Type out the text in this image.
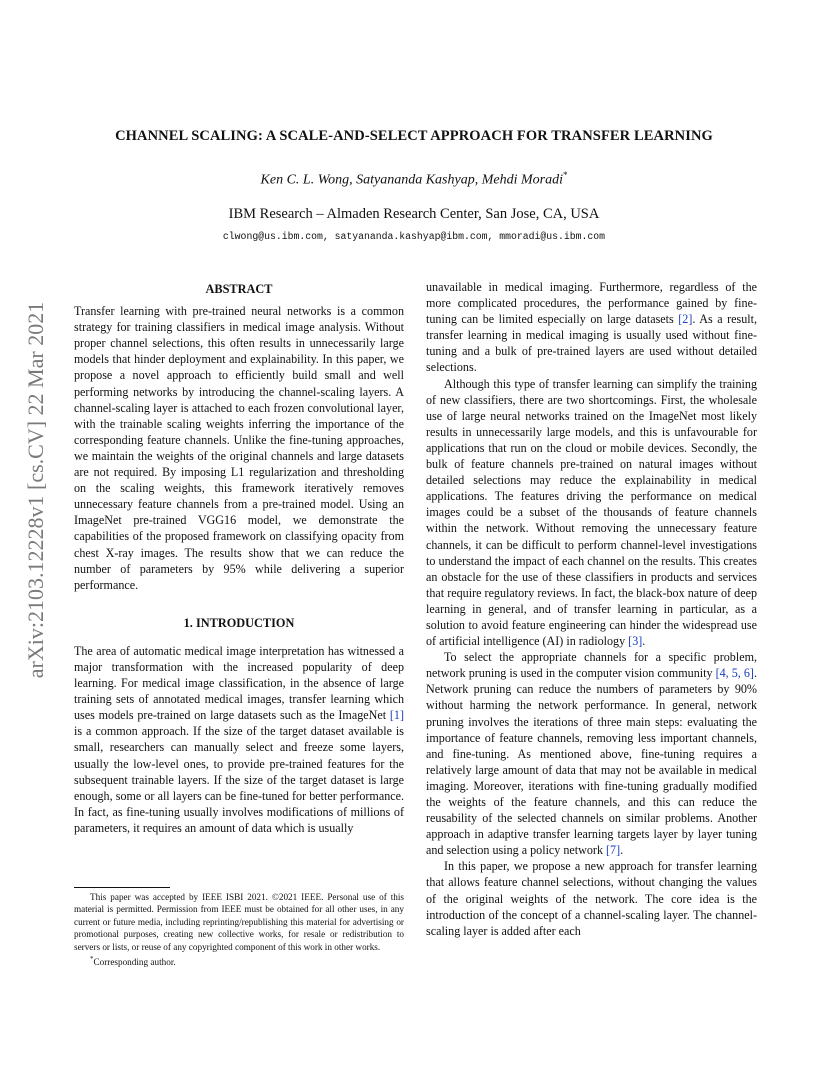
arXiv:2103.12228v1 [cs.CV] 22 Mar 2021
CHANNEL SCALING: A SCALE-AND-SELECT APPROACH FOR TRANSFER LEARNING
Ken C. L. Wong, Satyananda Kashyap, Mehdi Moradi*
IBM Research – Almaden Research Center, San Jose, CA, USA
clwong@us.ibm.com, satyananda.kashyap@ibm.com, mmoradi@us.ibm.com
ABSTRACT

Transfer learning with pre-trained neural networks is a common strategy for training classifiers in medical image analysis. Without proper channel selections, this often results in unnecessarily large models that hinder deployment and explainability. In this paper, we propose a novel approach to efficiently build small and well performing networks by introducing the channel-scaling layers. A channel-scaling layer is attached to each frozen convolutional layer, with the trainable scaling weights inferring the importance of the corresponding feature channels. Unlike the fine-tuning approaches, we maintain the weights of the original channels and large datasets are not required. By imposing L1 regularization and thresholding on the scaling weights, this framework iteratively removes unnecessary feature channels from a pre-trained model. Using an ImageNet pre-trained VGG16 model, we demonstrate the capabilities of the proposed framework on classifying opacity from chest X-ray images. The results show that we can reduce the number of parameters by 95% while delivering a superior performance.

1. INTRODUCTION

The area of automatic medical image interpretation has witnessed a major transformation with the increased popularity of deep learning. For medical image classification, in the absence of large training sets of annotated medical images, transfer learning which uses models pre-trained on large datasets such as the ImageNet [1] is a common approach. If the size of the target dataset available is small, researchers can manually select and freeze some layers, usually the low-level ones, to provide pre-trained features for the subsequent trainable layers. If the size of the target dataset is large enough, some or all layers can be fine-tuned for better performance. In fact, as fine-tuning usually involves modifications of millions of parameters, it requires an amount of data which is usually

unavailable in medical imaging. Furthermore, regardless of the more complicated procedures, the performance gained by fine-tuning can be limited especially on large datasets [2]. As a result, transfer learning in medical imaging is usually used without fine-tuning and a bulk of pre-trained layers are used without detailed selections.

Although this type of transfer learning can simplify the training of new classifiers, there are two shortcomings. First, the wholesale use of large neural networks trained on the ImageNet most likely results in unnecessarily large models, and this is unfavourable for applications that run on the cloud or mobile devices. Secondly, the bulk of feature channels pre-trained on natural images without detailed selections may reduce the explainability in medical applications. The features driving the performance on medical images could be a subset of the thousands of feature channels within the network. Without removing the unnecessary feature channels, it can be difficult to perform channel-level investigations to understand the impact of each channel on the results. This creates an obstacle for the use of these classifiers in products and services that require regulatory reviews. In fact, the black-box nature of deep learning in general, and of transfer learning in particular, as a solution to avoid feature engineering can hinder the widespread use of artificial intelligence (AI) in radiology [3].

To select the appropriate channels for a specific problem, network pruning is used in the computer vision community [4, 5, 6]. Network pruning can reduce the numbers of parameters by 90% without harming the network performance. In general, network pruning involves the iterations of three main steps: evaluating the importance of feature channels, removing less important channels, and fine-tuning. As mentioned above, fine-tuning requires a relatively large amount of data that may not be available in medical imaging. Moreover, iterations with fine-tuning gradually modified the weights of the feature channels, and this can reduce the reusability of the selected channels on similar problems. Another approach in adaptive transfer learning targets layer by layer tuning and selection using a policy network [7].

In this paper, we propose a new approach for transfer learning that allows feature channel selections, without changing the values of the original weights of the network. The core idea is the introduction of the concept of a channel-scaling layer. The channel-scaling layer is added after each

This paper was accepted by IEEE ISBI 2021. ©2021 IEEE. Personal use of this material is permitted. Permission from IEEE must be obtained for all other uses, in any current or future media, including reprinting/republishing this material for advertising or promotional purposes, creating new collective works, for resale or redistribution to servers or lists, or reuse of any copyrighted component of this work in other works.

*Corresponding author.
